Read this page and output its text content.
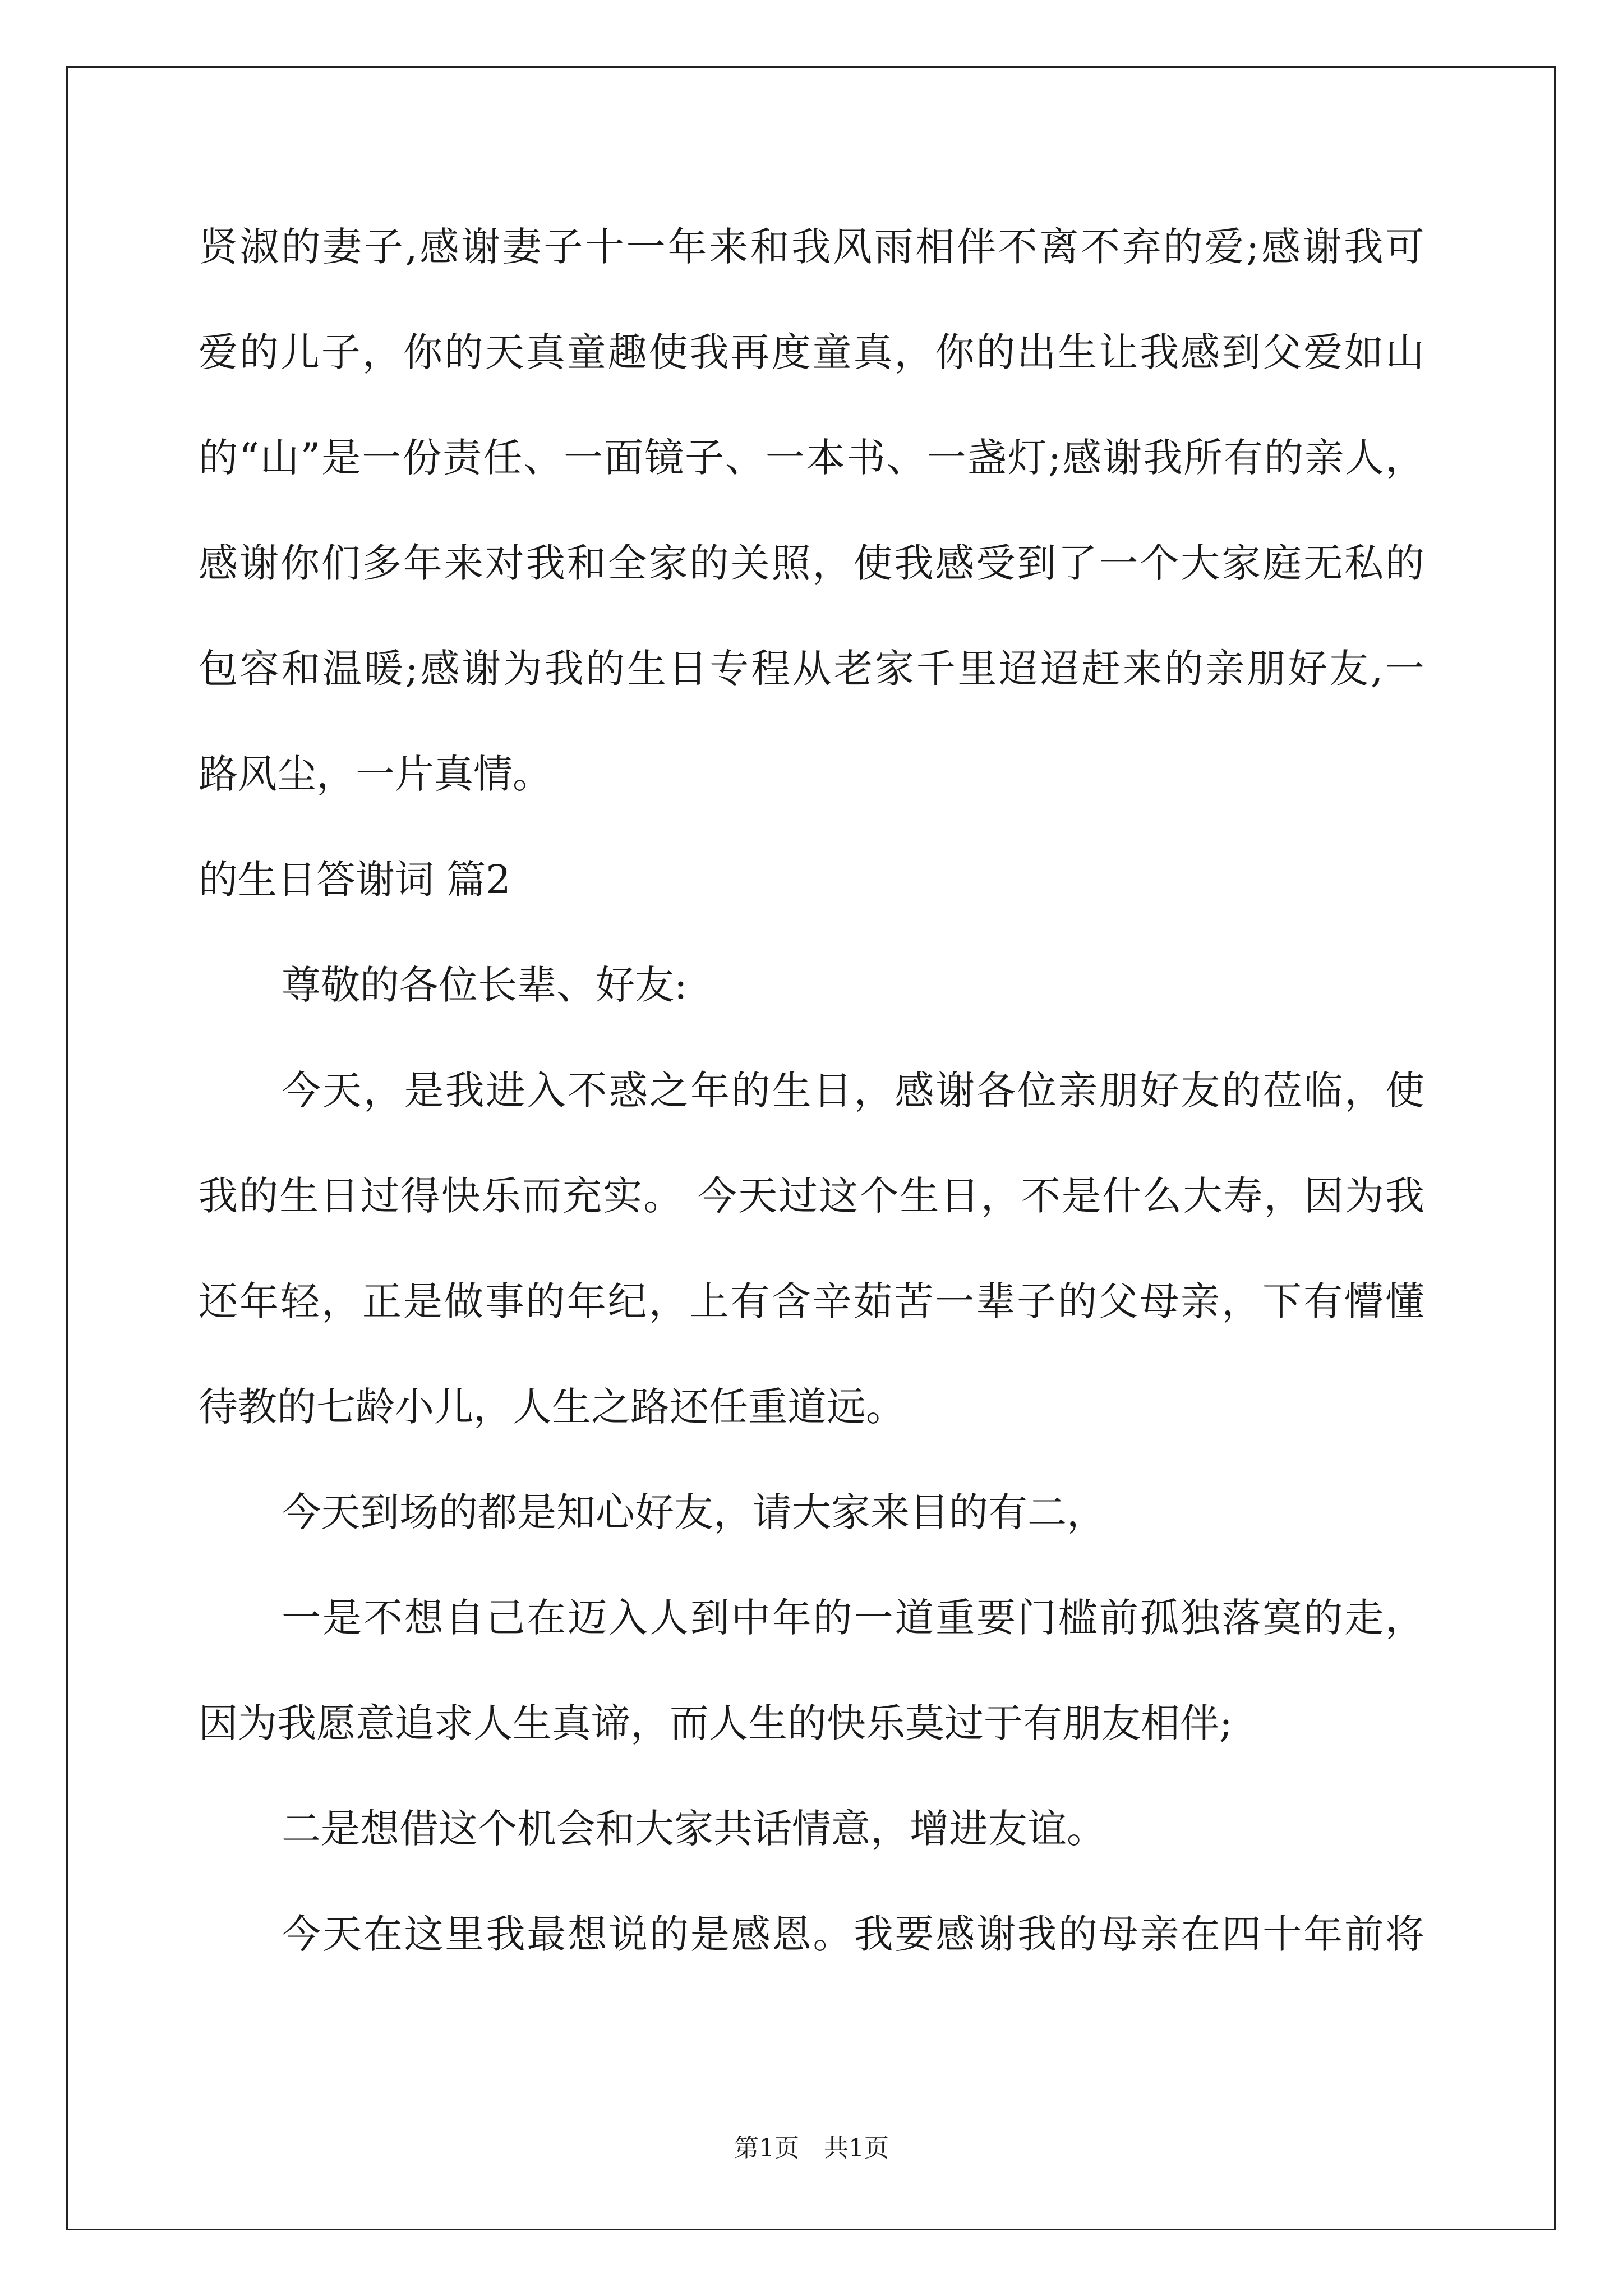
贤淑的妻子,感谢妻子十一年来和我风雨相伴不离不弃的爱;感谢我可
爱的儿子，你的天真童趣使我再度童真，你的出生让我感到父爱如山
的“山”是一份责任、一面镜子、一本书、一盏灯;感谢我所有的亲人，
感谢你们多年来对我和全家的关照，使我感受到了一个大家庭无私的
包容和温暖;感谢为我的生日专程从老家千里迢迢赶来的亲朋好友,一
路风尘，一片真情。
的生日答谢词 篇2
尊敬的各位长辈、好友:
今天，是我进入不惑之年的生日，感谢各位亲朋好友的莅临，使
我的生日过得快乐而充实。 今天过这个生日，不是什么大寿，因为我
还年轻，正是做事的年纪，上有含辛茹苦一辈子的父母亲，下有懵懂
待教的七龄小儿，人生之路还任重道远。
今天到场的都是知心好友，请大家来目的有二，
一是不想自己在迈入人到中年的一道重要门槛前孤独落寞的走，
因为我愿意追求人生真谛，而人生的快乐莫过于有朋友相伴;
二是想借这个机会和大家共话情意，增进友谊。
今天在这里我最想说的是感恩。我要感谢我的母亲在四十年前将
第1页　共1页
